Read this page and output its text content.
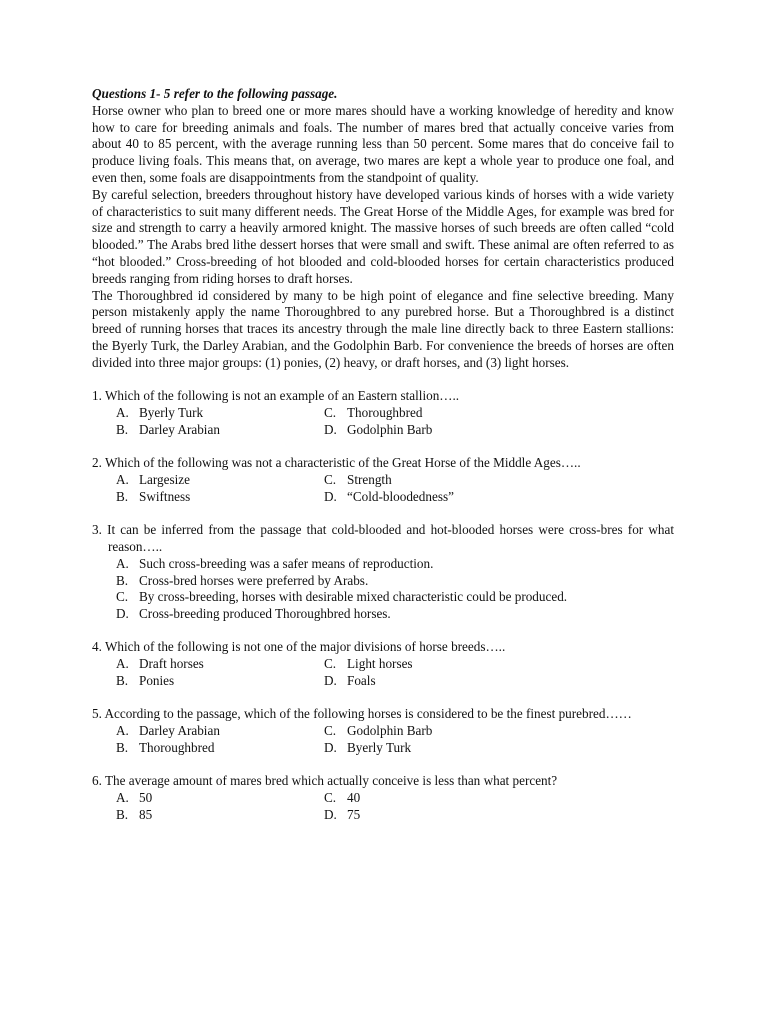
Questions 1- 5 refer to the following passage.
Horse owner who plan to breed one or more mares should have a working knowledge of heredity and know how to care for breeding animals and foals. The number of mares bred that actually conceive varies from about 40 to 85 percent, with the average running less than 50 percent. Some mares that do conceive fail to produce living foals. This means that, on average, two mares are kept a whole year to produce one foal, and even then, some foals are disappointments from the standpoint of quality.
By careful selection, breeders throughout history have developed various kinds of horses with a wide variety of characteristics to suit many different needs. The Great Horse of the Middle Ages, for example was bred for size and strength to carry a heavily armored knight. The massive horses of such breeds are often called “cold blooded.” The Arabs bred lithe dessert horses that were small and swift. These animal are often referred to as “hot blooded.” Cross-breeding of hot blooded and cold-blooded horses for certain characteristics produced breeds ranging from riding horses to draft horses.
The Thoroughbred id considered by many to be high point of elegance and fine selective breeding. Many person mistakenly apply the name Thoroughbred to any purebred horse. But a Thoroughbred is a distinct breed of running horses that traces its ancestry through the male line directly back to three Eastern stallions: the Byerly Turk, the Darley Arabian, and the Godolphin Barb. For convenience the breeds of horses are often divided into three major groups: (1) ponies, (2) heavy, or draft horses, and (3) light horses.
1. Which of the following is not an example of an Eastern stallion…..
A. Byerly Turk	C. Thoroughbred
B. Darley Arabian	D. Godolphin Barb
2. Which of the following was not a characteristic of the Great Horse of the Middle Ages…..
A. Largesize	C. Strength
B. Swiftness	D. “Cold-bloodedness”
3. It can be inferred from the passage that cold-blooded and hot-blooded horses were cross-bres for what reason…..
A. Such cross-breeding was a safer means of reproduction.
B. Cross-bred horses were preferred by Arabs.
C. By cross-breeding, horses with desirable mixed characteristic could be produced.
D. Cross-breeding produced Thoroughbred horses.
4. Which of the following is not one of the major divisions of horse breeds…..
A. Draft horses	C. Light horses
B. Ponies	D. Foals
5. According to the passage, which of the following horses is considered to be the finest purebred……
A. Darley Arabian	C. Godolphin Barb
B. Thoroughbred	D. Byerly Turk
6. The average amount of mares bred which actually conceive is less than what percent?
A. 50	C. 40
B. 85	D. 75
